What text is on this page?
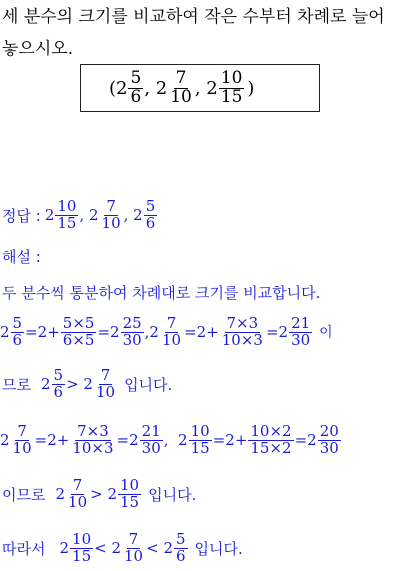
세 분수의 크기를 비교하여 작은 수부터 차례로 늘어
놓으시오.
($2 \frac{5}{6}$ , $2 \frac{7}{10}$ , $2 \frac{10}{15}$ )
정답 : $2 \frac{10}{15}$ , $2 \frac{7}{10}$ , $2 \frac{5}{6}$
해설 :
두 분수씩 통분하여 차례대로 크기를 비교합니다.
$2 \frac{5}{6} =2+ \frac{5\times 5}{6\times 5} =2 \frac{25}{30} ,2 \frac{7}{10} =2+ \frac{7\times 3}{10\times 3} =2 \frac{21}{30}$ 이
므로 $2 \frac{5}{6} > 2 \frac{7}{10}$ 입니다.
$2 \frac{7}{10} =2+ \frac{7\times 3}{10\times 3} =2 \frac{21}{30}$ ,  $2 \frac{10}{15} =2+ \frac{10\times 2}{15\times 2} =2 \frac{20}{30}$
이므로 $2 \frac{7}{10} > 2 \frac{10}{15}$ 입니다.
따라서 $2 \frac{10}{15} < 2 \frac{7}{10} < 2 \frac{5}{6}$ 입니다.
